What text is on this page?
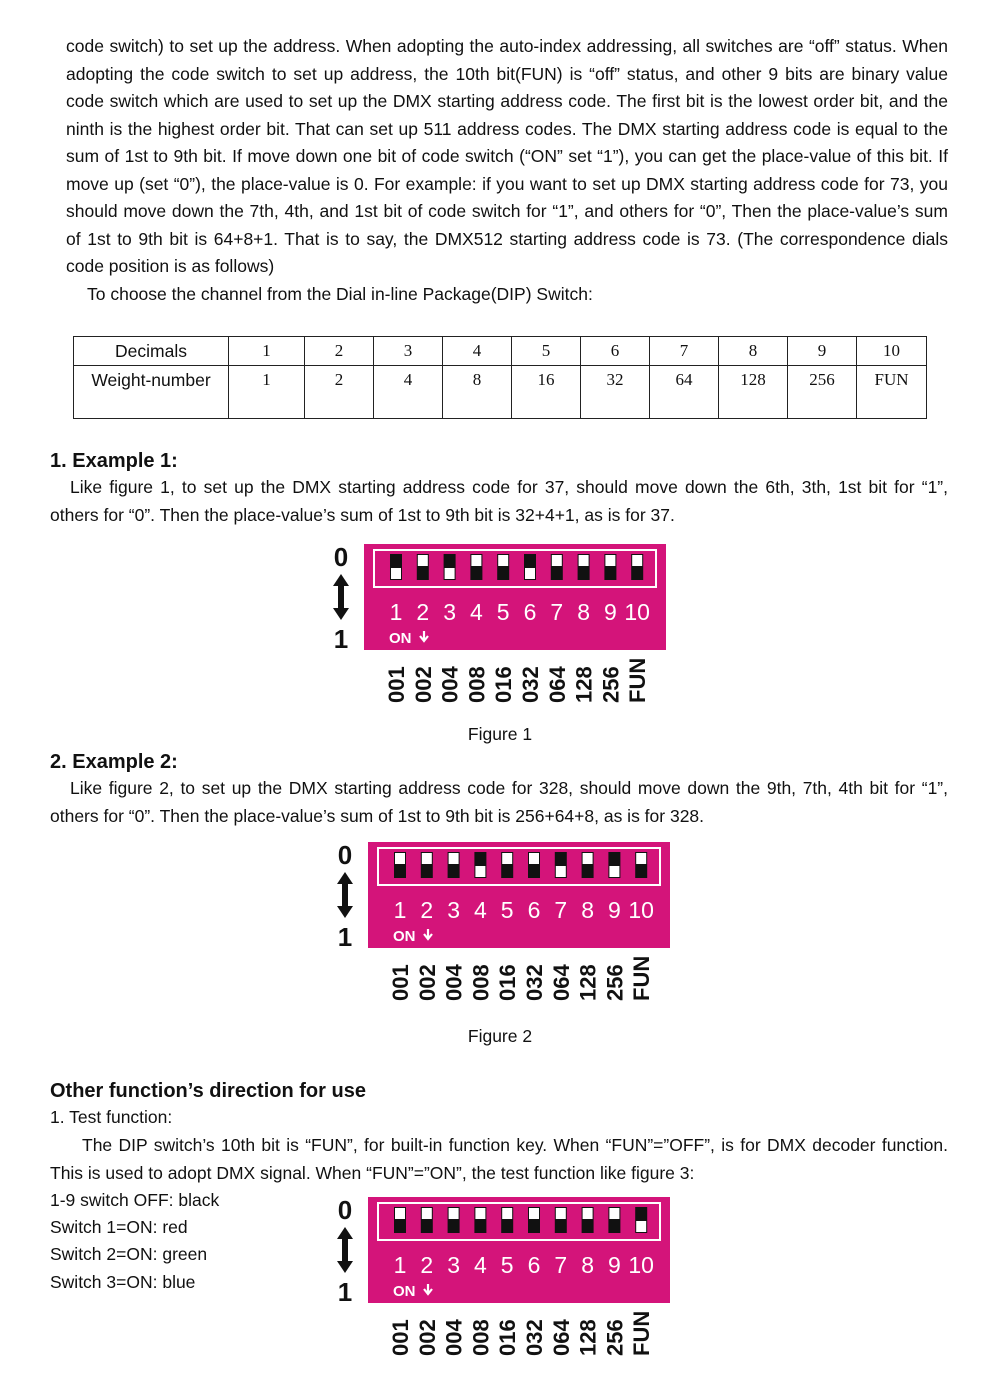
code switch) to set up the address. When adopting the auto-index addressing, all switches are “off” status. When adopting the code switch to set up address, the 10th bit(FUN) is “off” status, and other 9 bits are binary value code switch which are used to set up the DMX starting address code. The first bit is the lowest order bit, and the ninth is the highest order bit. That can set up 511 address codes. The DMX starting address code is equal to the sum of 1st to 9th bit. If move down one bit of code switch (“ON” set “1”), you can get the place-value of this bit. If move up (set “0”), the place-value is 0. For example: if you want to set up DMX starting address code for 73, you should move down the 7th, 4th, and 1st bit of code switch for “1”, and others for “0”, Then the place-value’s sum of 1st to 9th bit is 64+8+1. That is to say, the DMX512 starting address code is 73. (The correspondence dials code position is as follows)

To choose the channel from the Dial in-line Package(DIP) Switch:

Decimals	1	2	3	4	5	6	7	8	9	10
Weight-number	1	2	4	8	16	32	64	128	256	FUN
1. Example 1:

Like figure 1, to set up the DMX starting address code for 37, should move down the 6th, 3th, 1st bit for “1”, others for “0”. Then the place-value’s sum of 1st to 9th bit is 32+4+1, as is for 37.

0
1
1 2 3 4 5 6 7 8 9 10
ON
001 002 004 008 016 032 064 128 256 FUN
Figure 1
2. Example 2:

Like figure 2, to set up the DMX starting address code for 328, should move down the 9th, 7th, 4th bit for “1”, others for “0”. Then the place-value’s sum of 1st to 9th bit is 256+64+8, as is for 328.

0
1
1 2 3 4 5 6 7 8 9 10
ON
001 002 004 008 016 032 064 128 256 FUN
Figure 2
Other function’s direction for use

1. Test function:

The DIP switch’s 10th bit is “FUN”, for built-in function key. When “FUN”=”OFF”, is for DMX decoder function. This is used to adopt DMX signal. When “FUN”=”ON”, the test function like figure 3:

1-9 switch OFF: black

Switch 1=ON: red

Switch 2=ON: green

Switch 3=ON: blue

0
1
1 2 3 4 5 6 7 8 9 10
ON
001 002 004 008 016 032 064 128 256 FUN
